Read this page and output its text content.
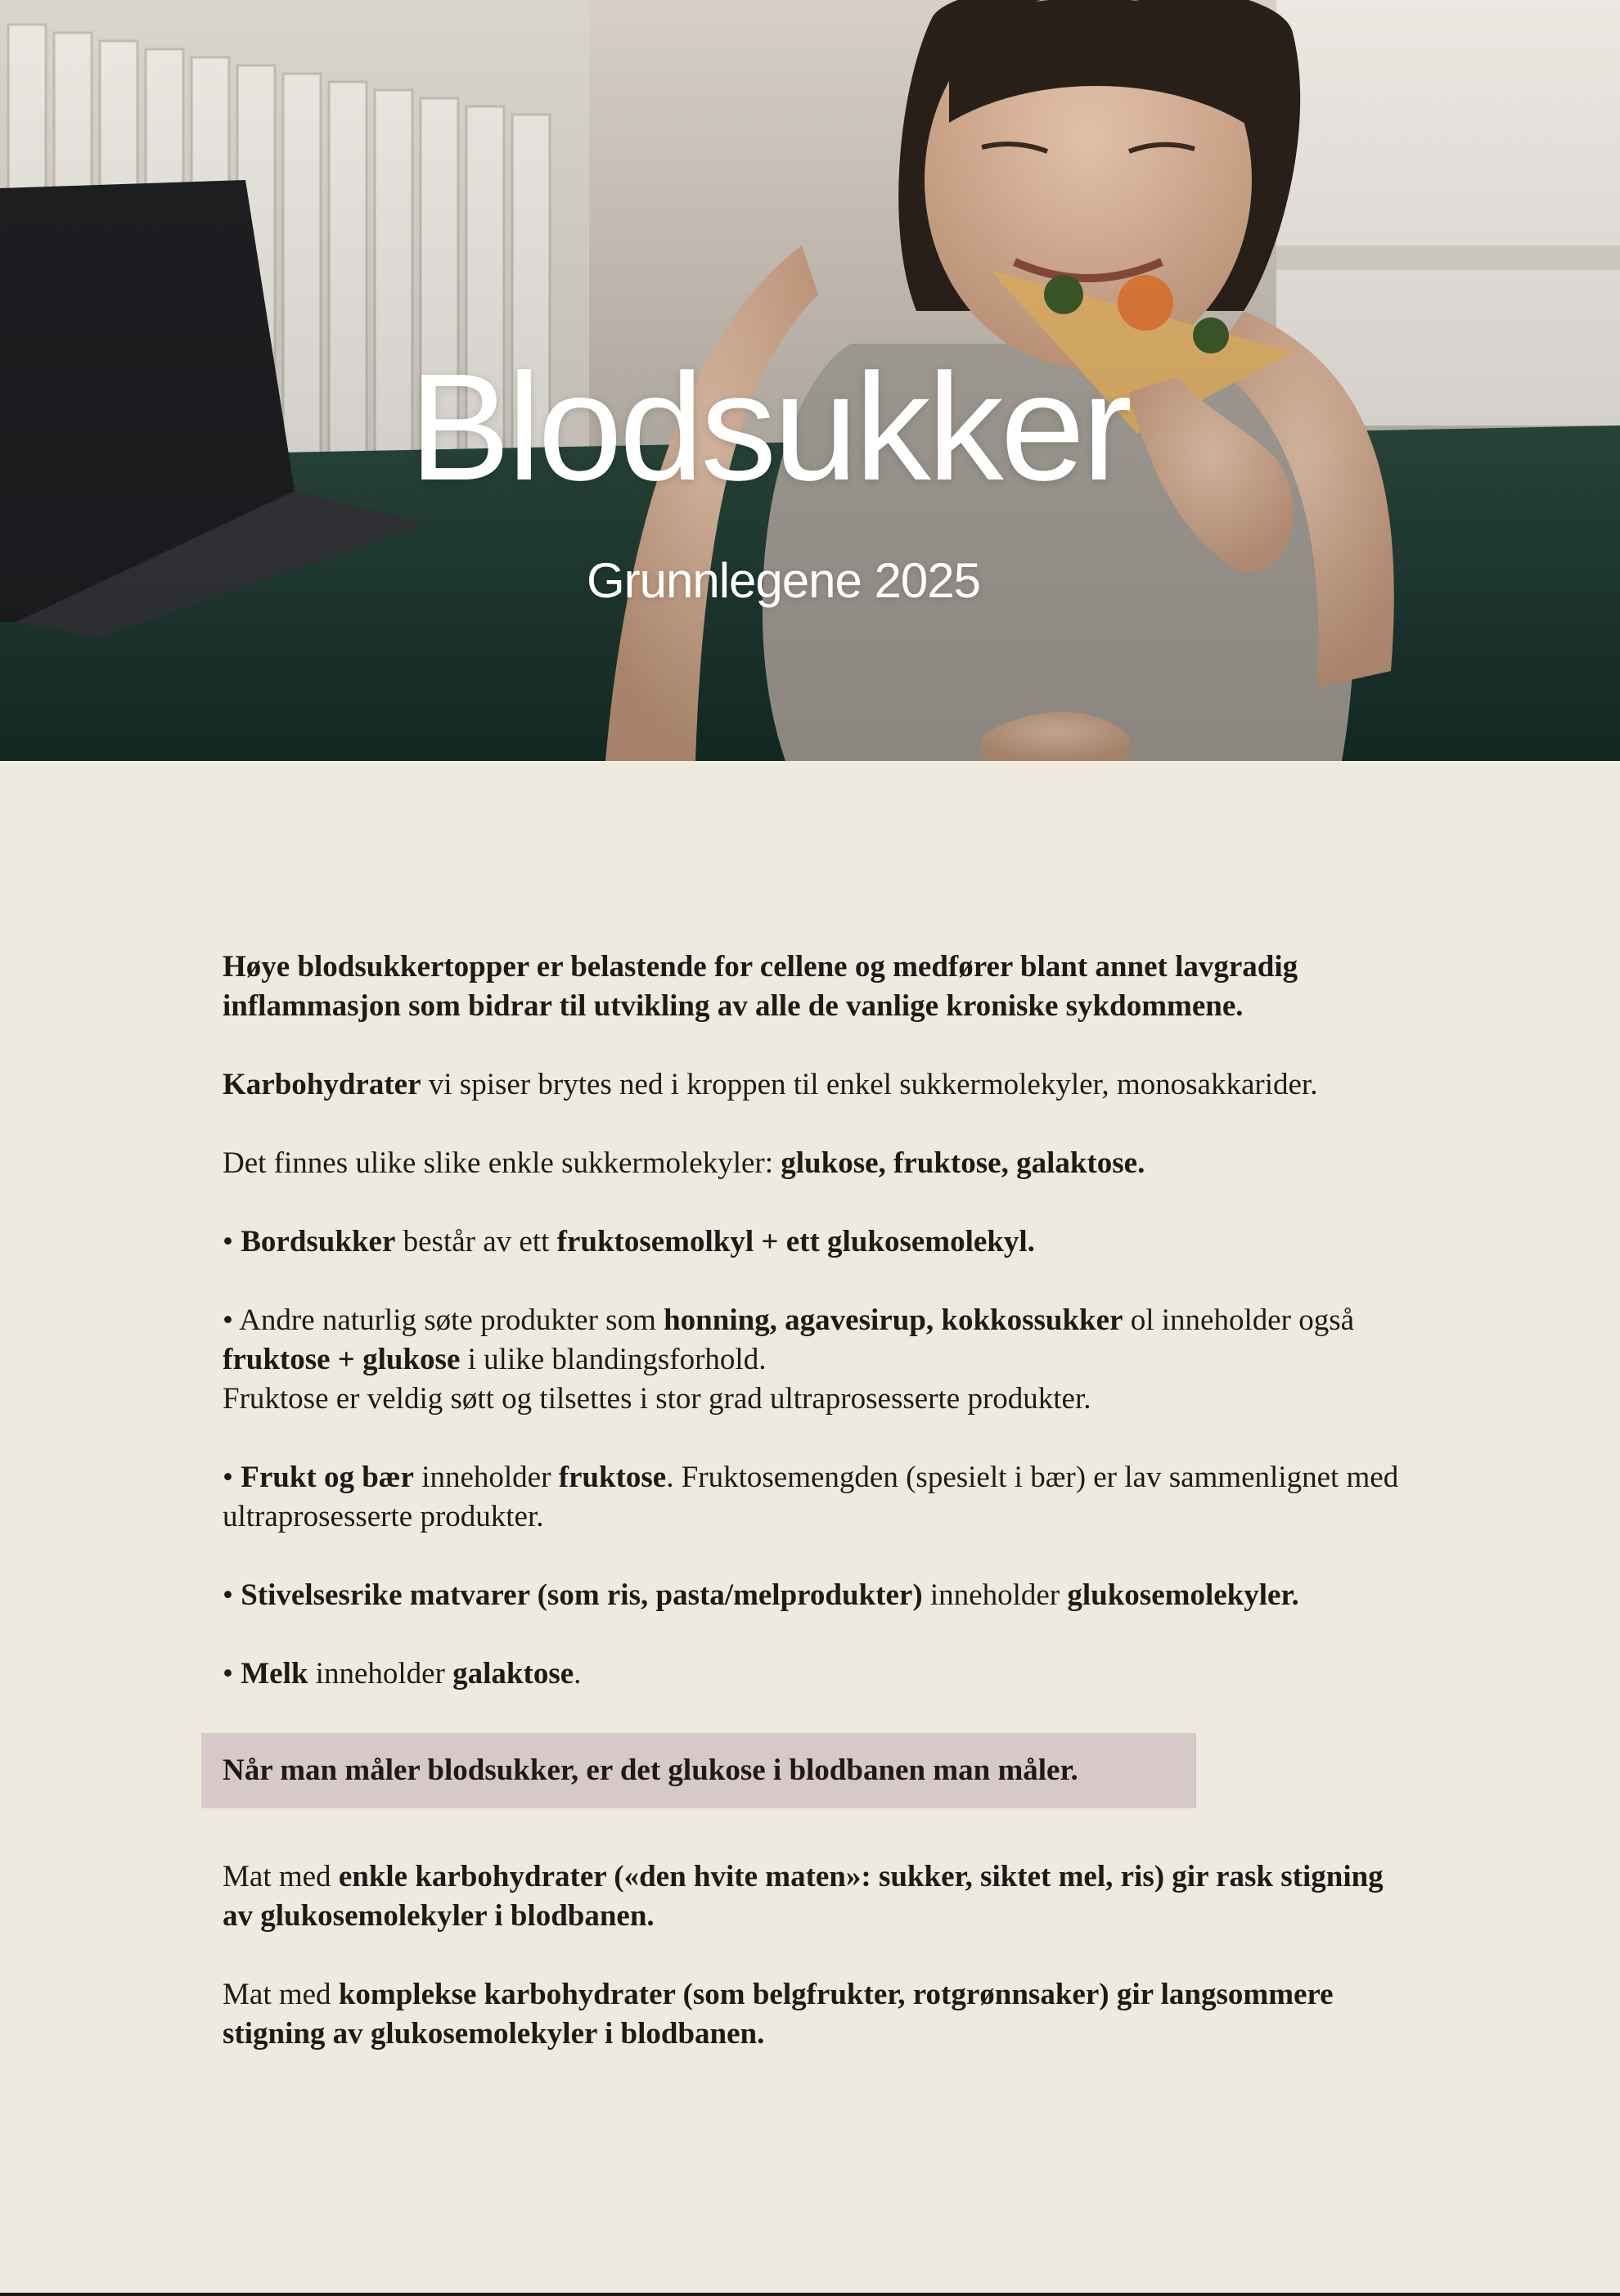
Blodsukker
Grunnlegene 2025

Høye blodsukkertopper er belastende for cellene og medfører blant annet lavgradig inflammasjon som bidrar til utvikling av alle de vanlige kroniske sykdommene.

Karbohydrater vi spiser brytes ned i kroppen til enkel sukkermolekyler, monosakkarider.

Det finnes ulike slike enkle sukkermolekyler: glukose, fruktose, galaktose.

• Bordsukker består av ett fruktosemolkyl + ett glukosemolekyl.

• Andre naturlig søte produkter som honning, agavesirup, kokkossukker ol inneholder også fruktose + glukose i ulike blandingsforhold.
Fruktose er veldig søtt og tilsettes i stor grad ultraprosesserte produkter.

• Frukt og bær inneholder fruktose. Fruktosemengden (spesielt i bær) er lav sammenlignet med ultraprosesserte produkter.

• Stivelsesrike matvarer (som ris, pasta/melprodukter) inneholder glukosemolekyler.

• Melk inneholder galaktose.

Når man måler blodsukker, er det glukose i blodbanen man måler.

Mat med enkle karbohydrater («den hvite maten»: sukker, siktet mel, ris) gir rask stigning av glukosemolekyler i blodbanen.

Mat med komplekse karbohydrater (som belgfrukter, rotgrønnsaker) gir langsommere stigning av glukosemolekyler i blodbanen.
